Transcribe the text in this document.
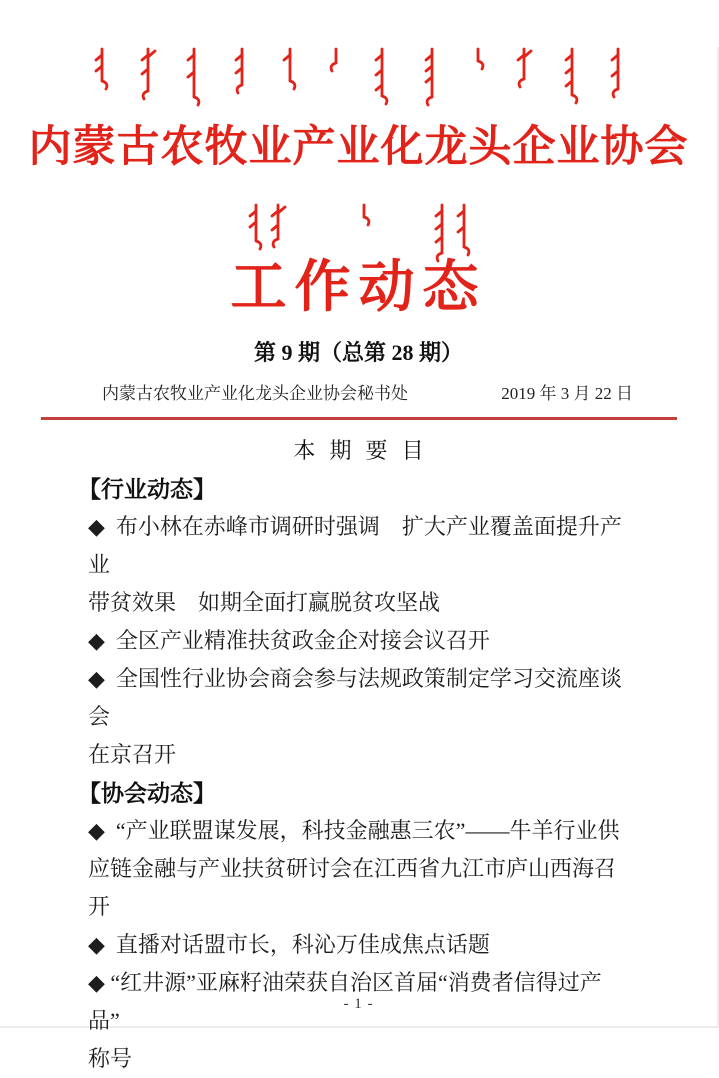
内蒙古农牧业产业化龙头企业协会
工作动态
第 9 期（总第 28 期）
内蒙古农牧业产业化龙头企业协会秘书处	2019 年 3 月 22 日
本 期 要 目
【行业动态】
◆  布小林在赤峰市调研时强调　扩大产业覆盖面提升产业
带贫效果　如期全面打赢脱贫攻坚战
◆  全区产业精准扶贫政金企对接会议召开
◆  全国性行业协会商会参与法规政策制定学习交流座谈会
在京召开
【协会动态】
◆  “产业联盟谋发展，科技金融惠三农”——牛羊行业供
应链金融与产业扶贫研讨会在江西省九江市庐山西海召开
◆  直播对话盟市长，科沁万佳成焦点话题
◆ “红井源”亚麻籽油荣获自治区首届“消费者信得过产品”
称号
- 1 -
